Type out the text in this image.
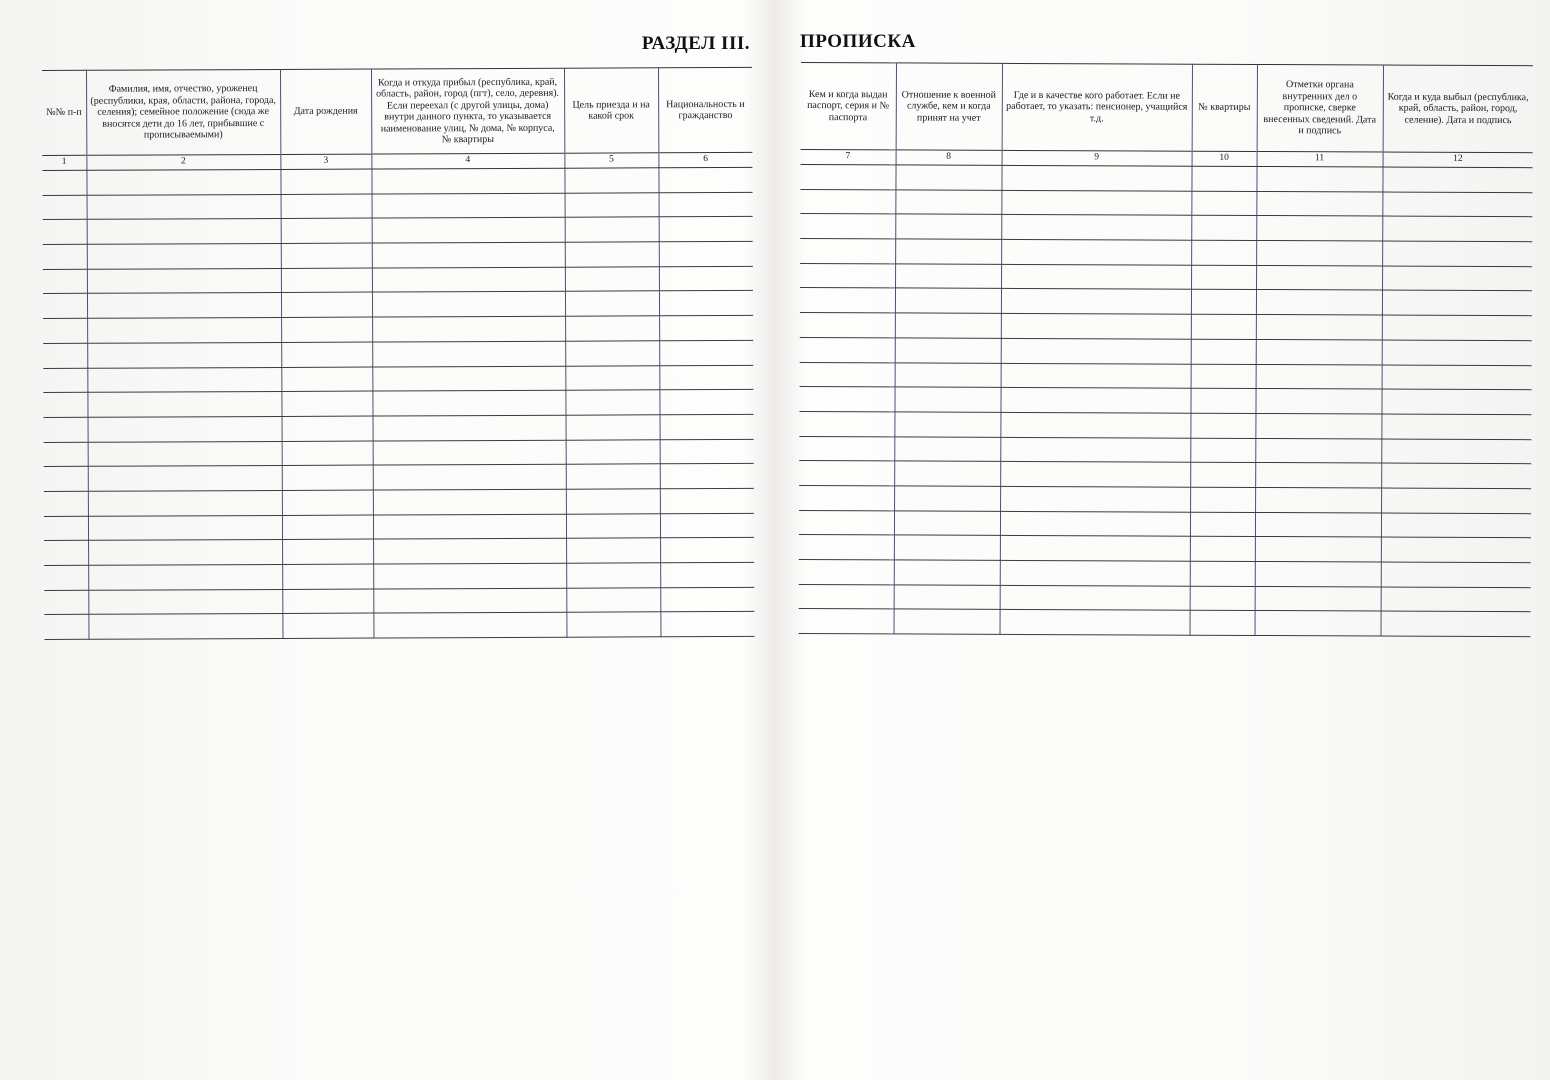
РАЗДЕЛ III.
№№ п-п	Фамилия, имя, отчество, уроженец (республики, края, области, района, города, селения); семейное положение (сюда же вносятся дети до 16 лет, прибывшие с прописываемыми)	Дата рождения	Когда и откуда прибыл (республика, край, область, район, город (пгт), село, деревня). Если переехал (с другой улицы, дома) внутри данного пункта, то указывается наименование улиц, № дома, № корпуса, № квартиры	Цель приезда и на какой срок	Национальность и гражданство
1	2	3	4	5	6

ПРОПИСКА
Кем и когда выдан паспорт, серия и № паспорта	Отношение к военной службе, кем и когда принят на учет	Где и в качестве кого работает. Если не работает, то указать: пенсионер, учащийся т.д.	№ квартиры	Отметки органа внутренних дел о прописке, сверке внесенных сведений. Дата и подпись	Когда и куда выбыл (республика, край, область, район, город, селение). Дата и подпись
7	8	9	10	11	12
